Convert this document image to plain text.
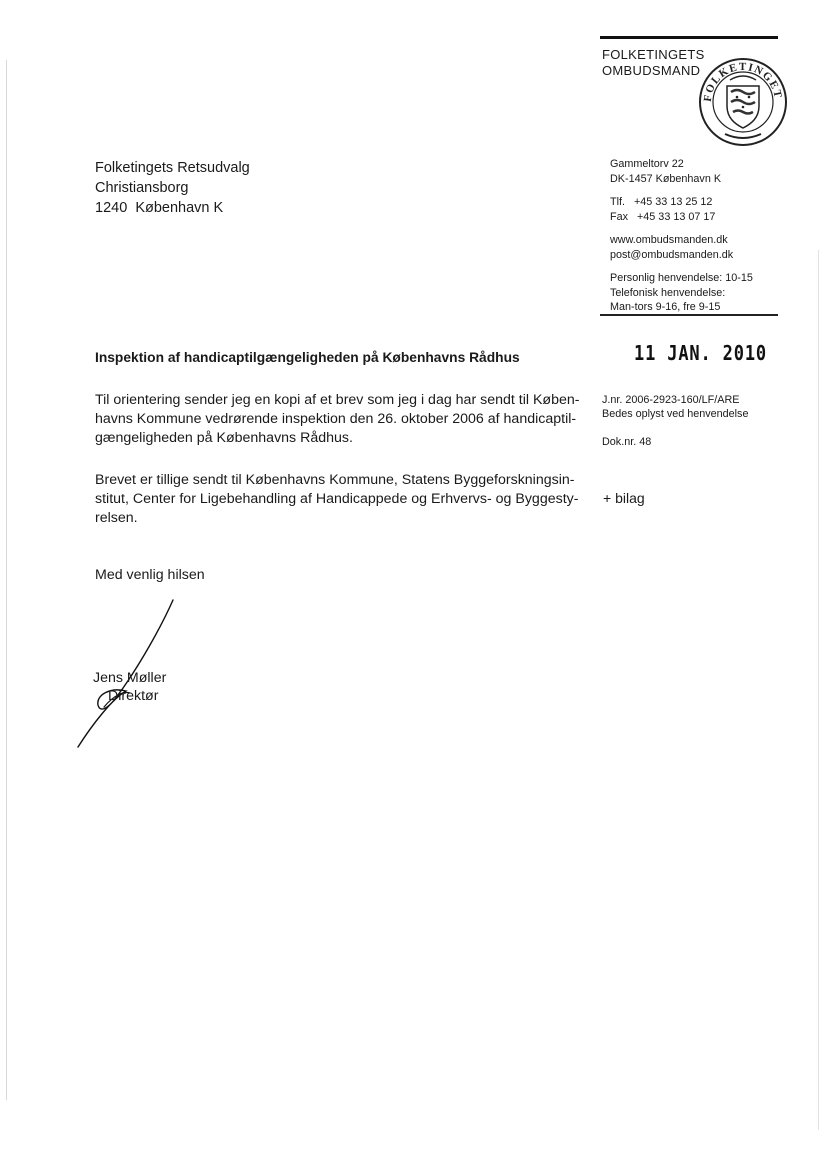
FOLKETINGETS
OMBUDSMAND
FOLKETINGET
Folketingets Retsudvalg
Christiansborg
1240  København K
Gammeltorv 22
DK-1457 København K
Tlf.   +45 33 13 25 12
Fax   +45 33 13 07 17
www.ombudsmanden.dk
post@ombudsmanden.dk
Personlig henvendelse: 10-15
Telefonisk henvendelse:
Man-tors 9-16, fre 9-15
11 JAN. 2010
Inspektion af handicaptilgængeligheden på Københavns Rådhus
Til orientering sender jeg en kopi af et brev som jeg i dag har sendt til Køben-
havns Kommune vedrørende inspektion den 26. oktober 2006 af handicaptil-
gængeligheden på Københavns Rådhus.
Brevet er tillige sendt til Københavns Kommune, Statens Byggeforskningsin-
stitut, Center for Ligebehandling af Handicappede og Erhvervs- og Byggesty-
relsen.
J.nr. 2006-2923-160/LF/ARE
Bedes oplyst ved henvendelse
Dok.nr. 48
+ bilag
Med venlig hilsen
Jens Møller
Direktør
